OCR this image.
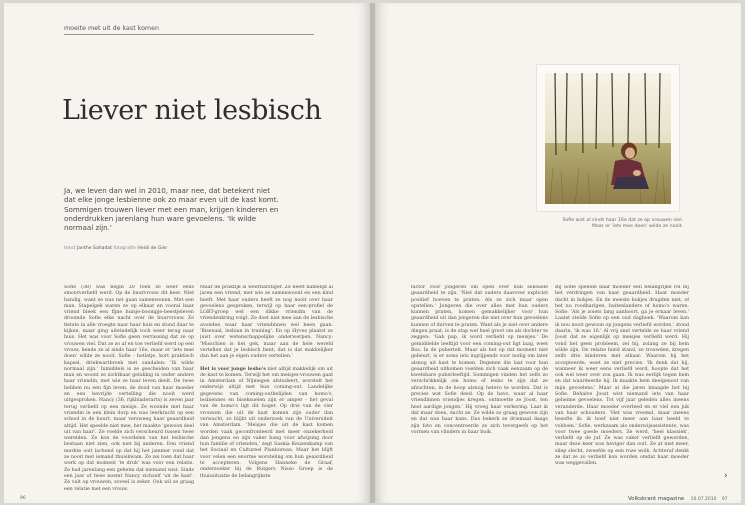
moeite met uit de kast komen
Liever niet lesbisch
Ja, we leven dan wel in 2010, maar nee, dat betekent niet dat elke jonge lesbienne ook zo maar even uit de kast komt. Sommigen trouwen liever met een man, krijgen kinderen en onderdrukken jarenlang hun ware gevoelens. 'Ik wilde normaal zijn.'
tekst Janthe Sahadat fotografie Heidi de Gier

Sofie (38) was begin 20 toen ze weer eens smoorverliefd werd. Op de buurvrouw dit keer. Niet handig, want ze was net gaan samenwonen. Met een man. Stapelgek waren ze op elkaar en vooral haar vriend bleek een fijne huisje-boompje-beestjeleven droomde Sofie elke nacht over de buurvrouw. Ze fietste in alle vroegte naar haar huis en stond daar te kijken, maar ging uiteindelijk toch weer terug naar huis. Het was voor Sofie geen verrassing dat ze op vrouwen viel. Dat ze zo af en toe verliefd werd op een vrouw, kende ze al sinds haar 16e, maar er 'iets mee doen' wilde ze nooit. Sofie ‑ hetletje, kort praktisch kapsel, driekwartbroek met sandalen: 'Ik wilde normaal zijn.' Inmiddels is ze gescheiden van haar man en woont ze zichtbaar gelukkig in onder andere haar vriendin, met wie ze haar leven deelt. De twee hebben nu een fijn leven, de dood van haar moeder en een bevrijde vertelling die nooit werd uitgesproken. Nancy (36, rijkbladerarts) is zeven jaar terug verliefd op een meisje. Ze woonde met haar vriendin in een klein dorp en was leerkracht op een school in de buurt, maar verzweeg haar geaardheid altijd. Het speelde niet mee, het maakte 'gewoon deel uit van haar'. Ze voelde zich verscheurd tussen twee werelden. Ze kon de voordelen van het lesbische bestaan niet zien, ook niet bij anderen. Een vriend merkte ooit lachend op dat hij het jammer vond dat ze nooit met iemand thuiskwam. Ze zei toen dat haar werk op dat moment 'te druk' was voor een relatie. Ze had jarenlang een geheim dat niemand wist. Sinds een jaar of twee noemt Nancy zichzelf 'uit de kast'. Ze valt op vrouwen, zoveel is zeker. Ook wil ze graag een relatie met een vrouw.

Maar de praktijk is weerbarstiger. Ze heeft namelijk al jaren een vriend, met wie ze samenwoont en een kind heeft. Met haar ouders heeft ze nog nooit over haar gevoelens gesproken, terwijl op haar een-profiel de LGBT-groep wel een dikke vriendin van de vriendenkring volgt. Ze doet niet mee aan de lesbische avonden waar haar vriendinnen wel heen gaan. 'Bisexual, lesbian in training'. En op Hyves plaatst ze juist over wetenschappelijke onderwerpen. Nancy: 'Misschien is het gek, maar aan de hele wereld vertellen dat je lesbisch bent, dat is dat makkelijker dan het aan je eigen ouders vertellen.'

Het is voor jonge lesbo's niet altijd makkelijk om uit de kast te komen. Terwijl het om meisjes-vrouwen gaat in Amsterdam of Nijmegen afstudeert, worstelt het onderwijs altijd met hun coming-out. Landelijke gegevens van coming-outbelijden van homo's, lesbiennes en biseksuelen zijn er amper ‑ het geval van de homo's ligt dit hoger. Op drie van de vier vrouwen die uit de kast komen zijn ouder dan verwacht, zo blijkt uit onderzoek van de Universiteit van Amsterdam. 'Meisjes die uit de kast komen worden vaak geconfronteerd met meer onzekerheid dan jongens en zijn vaker bang voor afwijzing door hun familie of vrienden,' zegt Saskia Keuzenkamp van het Sociaal en Cultureel Planbureau. Maar het blijft voor velen een enorme worsteling om hun geaardheid te accepteren. Volgens Hanneke de Graaf, onderzoeker bij de Rutgers Nisso Groep is de thuissituatie de belangrijkste

96
Sofie wist al sinds haar 16e dat ze op vrouwen viel. Maar er 'iets mee doen' wilde ze nooit.

factor voor jongeren om open over hun seksuele geaardheid te zijn. 'Niet dat ouders daarover expliciet positief hoeven te praten. Als ze zich maar open opstellen.' Jongeren die over alles met hun ouders kunnen praten, komen gemakkelijker voor hun geaardheid uit dan jongeren die niet over hun gevoelens kunnen of durven te praten. Want als je niet over andere dingen praat, is de stap wel heel groot om als dochter te zeggen: 'Gab pap, ik word verliefd op meisjes.' De gemiddelde leeftijd voor een coming-out ligt laag, weet Bos. In de puberteit. Maar als het op dat moment niet gebeurt, is er soms iets ingrijpends voor nodig om later alsnog uit kast te komen. Degenen die laat voor hun geaardheid uitkomen voelden zich vaak eenzaam op de kwetsbare puberleeftijd. Sommigen vinden het zelfs zo verschrikkelijk om homo of lesbo te zijn dat ze afzuchten, in de hoop alsnog hetero te worden. Dat is precies wat Sofie deed. Op de havo, waar al haar vriendinnen vriendjes kregen, ontmoette ze Joost, ten heel aardige jongen.' Hij vroeg haar verkering. Laat ik dat maar doen, dacht ze. Ze wilde zo graag gewoon zijn en dat was haar kans. Dus bekerk ze driemaal daags zijn foto en concentreerde ze zich tevergeefs op het vormen van vlinders in haar buik.

Bij Sofie speelde haar moeder een belangrijke rol bij het verdringen van haar geaardheid. Haar moeder dacht in hokjes. En de meeste hokjes drugden niet, of het nu roodharigen, buitenlanders of homo's waren. Sofie: 'Als je zoiets lang aanhoort, ga je ernaar leven.' Laatst stelde Sofie op een oud dagboek. 'Waarom kan ik nou nooit gewoon op jongens verliefd worden,' stond daarin, 'ik was 16.' Al vrij snel vertelde ze haar vriend Joost dat ze eigenlijk op meisjes verliefd werd. Hij vond het geen probleem, zei hij, zolang ze bij hem wilde zijn. De relatie hield stand, ze trouwden, kregen zelfs drie kinderen met elkaar. Waarom hij het accepteerde, weet ze niet precies. 'Ik denk dat hij, wanneer ik weer eens verliefd werd, hoopte dat het ook wel weer over zou gaan. Ik was eerlijk tegen hem en dat waardeerde hij. Ik maakte hem deelgenoot van mijn gevoelens.' Maar al die jaren knaagde het bij Sofie. Behalve Joost wist niemand iets van haar geheime gevoelens. Tot vijf jaar geleden alles ineens veranderde. Haar moeder overleed en er viel een juk van haar schouders. 'Het was vreemd, maar ineens besefte ik: ik hoef niet meer aan haar beeld te voldoen.' Sofie, werkzaam als onderwijsassistente, was voor twee goede moeders. Ze werd, 'heel klassiek', verliefd op de juf. Ze was vaker verliefd geworden, maar deze keer was heviger dan ooit. Ze at niet meer, sliep slecht, zweefde op een roze wolk. Achteraf denkt ze dat ze zo verliefd kon worden omdat haar moeder was weggevallen.

›
Volkskrant magazine 10.07.2010 97
